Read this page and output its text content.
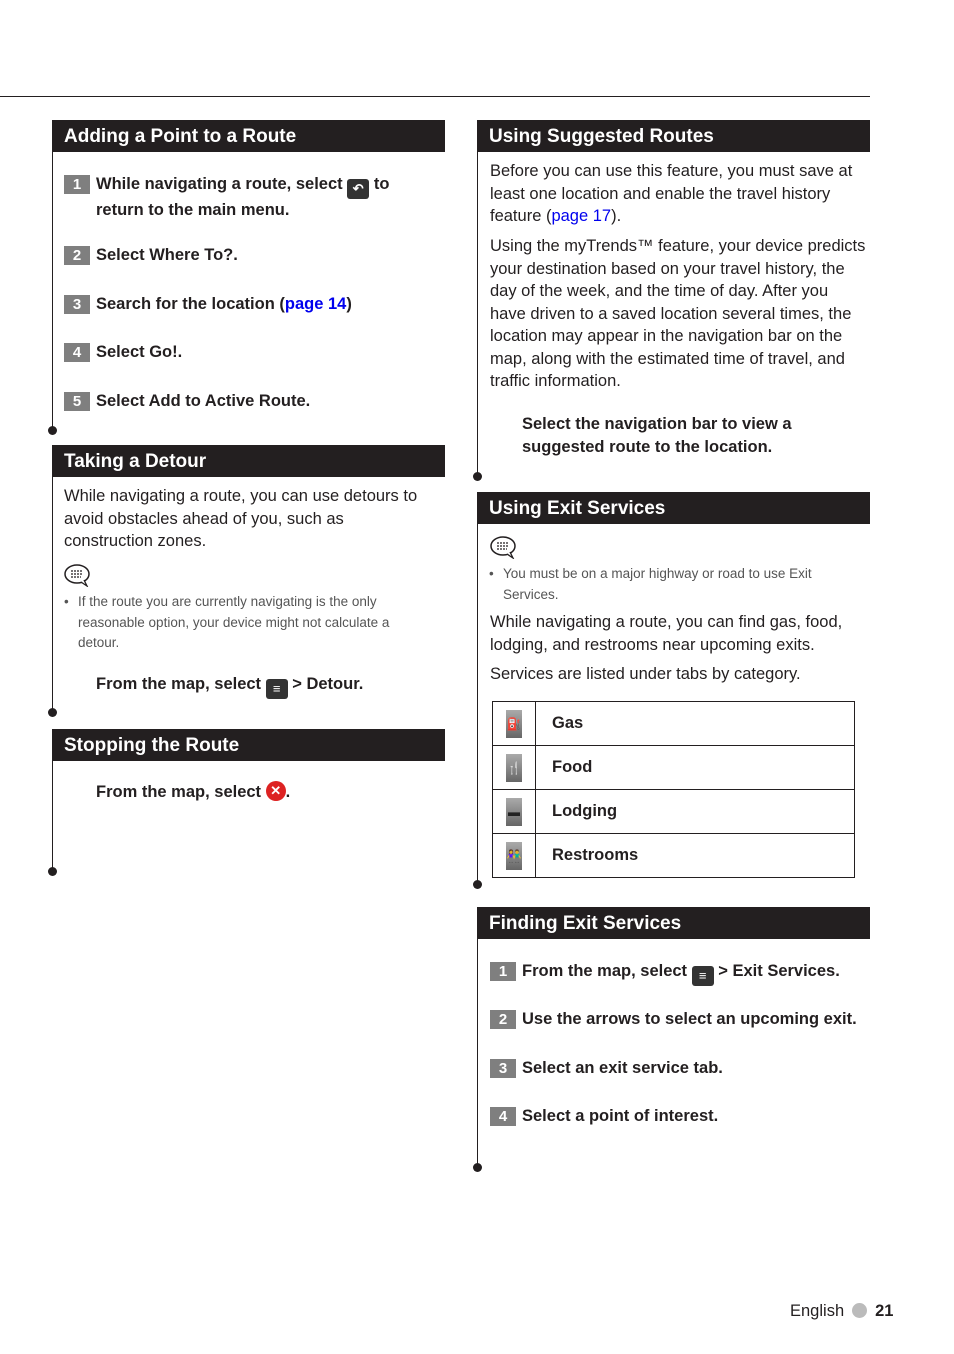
Adding a Point to a Route
1 While navigating a route, select ↶ to return to the main menu.
2 Select Where To?.
3 Search for the location (page 14)
4 Select Go!.
5 Select Add to Active Route.
Taking a Detour
While navigating a route, you can use detours to avoid obstacles ahead of you, such as construction zones.
• If the route you are currently navigating is the only reasonable option, your device might not calculate a detour.
From the map, select ≡ > Detour.
Stopping the Route
From the map, select ✕ .
Using Suggested Routes
Before you can use this feature, you must save at least one location and enable the travel history feature (page 17).
Using the myTrends™ feature, your device predicts your destination based on your travel history, the day of the week, and the time of day. After you have driven to a saved location several times, the location may appear in the navigation bar on the map, along with the estimated time of travel, and traffic information.
Select the navigation bar to view a suggested route to the location.
Using Exit Services
• You must be on a major highway or road to use Exit Services.
While navigating a route, you can find gas, food, lodging, and restrooms near upcoming exits.
Services are listed under tabs by category.
⛽	Gas
🍴	Food
▬	Lodging
👫	Restrooms
Finding Exit Services
1 From the map, select ≡ > Exit Services.
2 Use the arrows to select an upcoming exit.
3 Select an exit service tab.
4 Select a point of interest.
English 21
